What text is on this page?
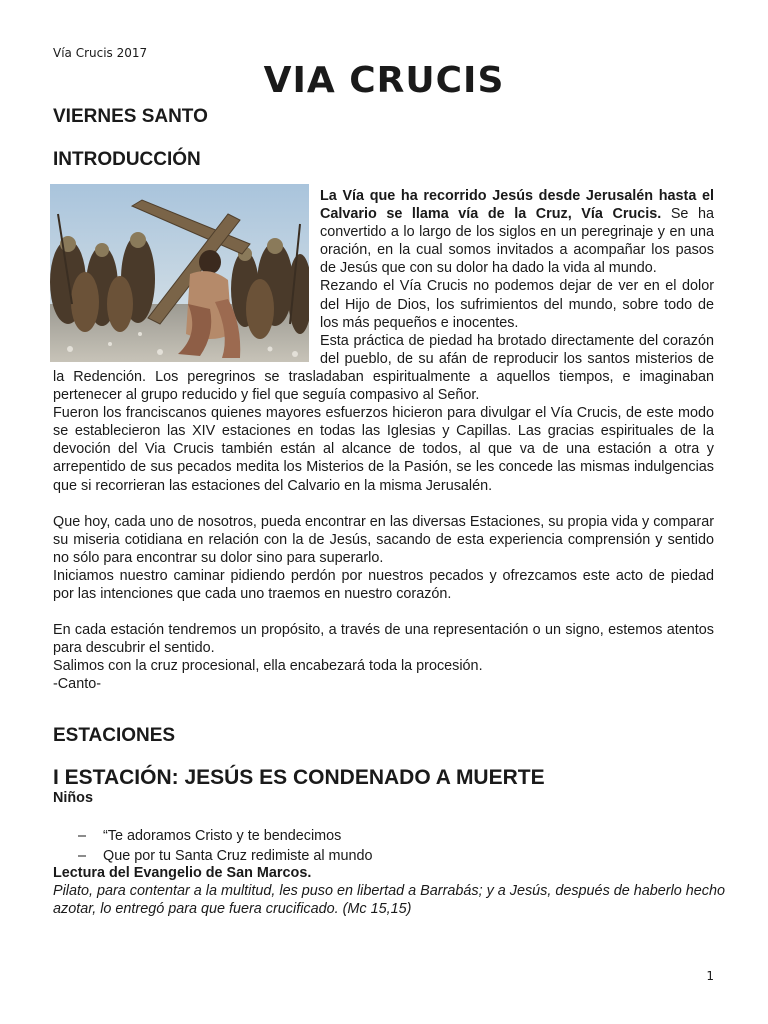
Vía Crucis 2017
VIA CRUCIS
VIERNES SANTO
INTRODUCCIÓN

La Vía que ha recorrido Jesús desde Jerusalén hasta el Calvario se llama vía de la Cruz, Vía Crucis. Se ha convertido a lo largo de los siglos en un peregrinaje y en una oración, en la cual somos invitados a acompañar los pasos de Jesús que con su dolor ha dado la vida al mundo.

Rezando el Vía Crucis no podemos dejar de ver en el dolor del Hijo de Dios, los sufrimientos del mundo, sobre todo de los más pequeños e inocentes.

Esta práctica de piedad ha brotado directamente del corazón del pueblo, de su afán de reproducir los santos misterios de la Redención. Los peregrinos se trasladaban espiritualmente a aquellos tiempos, e imaginaban pertenecer al grupo reducido y fiel que seguía compasivo al Señor.

Fueron los franciscanos quienes mayores esfuerzos hicieron para divulgar el Vía Crucis, de este modo se establecieron las XIV estaciones en todas las Iglesias y Capillas. Las gracias espirituales de la devoción del Via Crucis también están al alcance de todos, al que va de una estación a otra y arrepentido de sus pecados medita los Misterios de la Pasión, se les concede las mismas indulgencias que si recorrieran las estaciones del Calvario en la misma Jerusalén.

Que hoy, cada uno de nosotros, pueda encontrar en las diversas Estaciones, su propia vida y comparar su miseria cotidiana en relación con la de Jesús, sacando de esta experiencia comprensión y sentido no sólo para encontrar su dolor sino para superarlo.

Iniciamos nuestro caminar pidiendo perdón por nuestros pecados y ofrezcamos este acto de piedad por las intenciones que cada uno traemos en nuestro corazón.

En cada estación tendremos un propósito, a través de una representación o un signo, estemos atentos para descubrir el sentido.

Salimos con la cruz procesional, ella encabezará toda la procesión.

-Canto-

ESTACIONES
I ESTACIÓN: JESÚS ES CONDENADO A MUERTE
Niños
– “Te adoramos Cristo y te bendecimos
– Que por tu Santa Cruz redimiste al mundo
Lectura del Evangelio de San Marcos.
Pilato, para contentar a la multitud, les puso en libertad a Barrabás; y a Jesús, después de haberlo hecho azotar, lo entregó para que fuera crucificado. (Mc 15,15)
1
